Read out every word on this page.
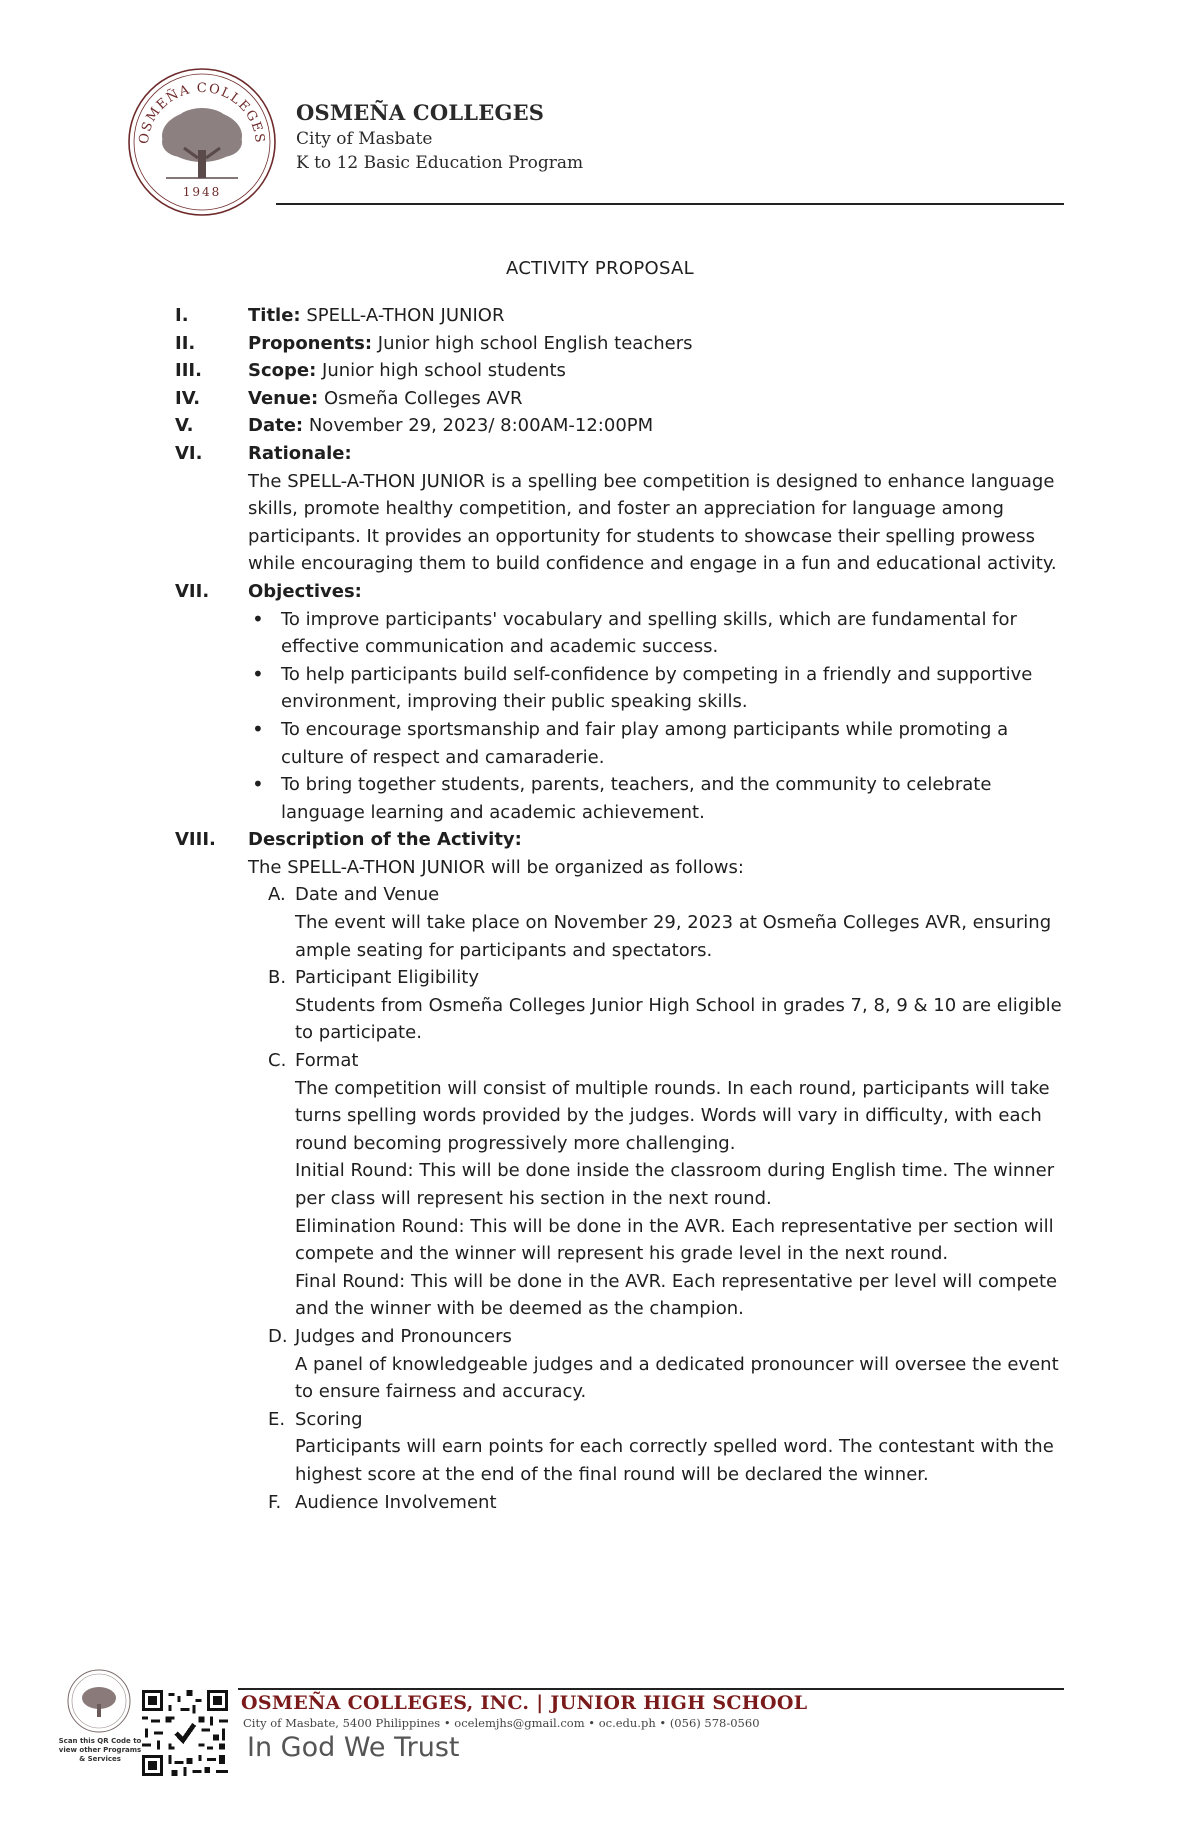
OSMEÑA COLLEGES
1948
OSMEÑA COLLEGES
City of Masbate
K to 12 Basic Education Program
ACTIVITY PROPOSAL
I.	Title: SPELL-A-THON JUNIOR
II.	Proponents: Junior high school English teachers
III.	Scope: Junior high school students
IV.	Venue: Osmeña Colleges AVR
V.	Date: November 29, 2023/ 8:00AM-12:00PM
VI.	Rationale:
The SPELL-A-THON JUNIOR is a spelling bee competition is designed to enhance language skills, promote healthy competition, and foster an appreciation for language among participants. It provides an opportunity for students to showcase their spelling prowess while encouraging them to build confidence and engage in a fun and educational activity.
VII.	Objectives:
• To improve participants' vocabulary and spelling skills, which are fundamental for effective communication and academic success.
• To help participants build self-confidence by competing in a friendly and supportive environment, improving their public speaking skills.
• To encourage sportsmanship and fair play among participants while promoting a culture of respect and camaraderie.
• To bring together students, parents, teachers, and the community to celebrate language learning and academic achievement.
VIII.	Description of the Activity:
The SPELL-A-THON JUNIOR will be organized as follows:
A. Date and Venue
The event will take place on November 29, 2023 at Osmeña Colleges AVR, ensuring ample seating for participants and spectators.
B. Participant Eligibility
Students from Osmeña Colleges Junior High School in grades 7, 8, 9 & 10 are eligible to participate.
C. Format
The competition will consist of multiple rounds. In each round, participants will take turns spelling words provided by the judges. Words will vary in difficulty, with each round becoming progressively more challenging.
Initial Round: This will be done inside the classroom during English time. The winner per class will represent his section in the next round.
Elimination Round: This will be done in the AVR. Each representative per section will compete and the winner will represent his grade level in the next round.
Final Round: This will be done in the AVR. Each representative per level will compete and the winner with be deemed as the champion.
D. Judges and Pronouncers
A panel of knowledgeable judges and a dedicated pronouncer will oversee the event to ensure fairness and accuracy.
E. Scoring
Participants will earn points for each correctly spelled word. The contestant with the highest score at the end of the final round will be declared the winner.
F. Audience Involvement
Scan this QR Code to view other Programs & Services
OSMEÑA COLLEGES, INC. | JUNIOR HIGH SCHOOL
City of Masbate, 5400 Philippines • ocelemjhs@gmail.com • oc.edu.ph • (056) 578-0560
In God We Trust
